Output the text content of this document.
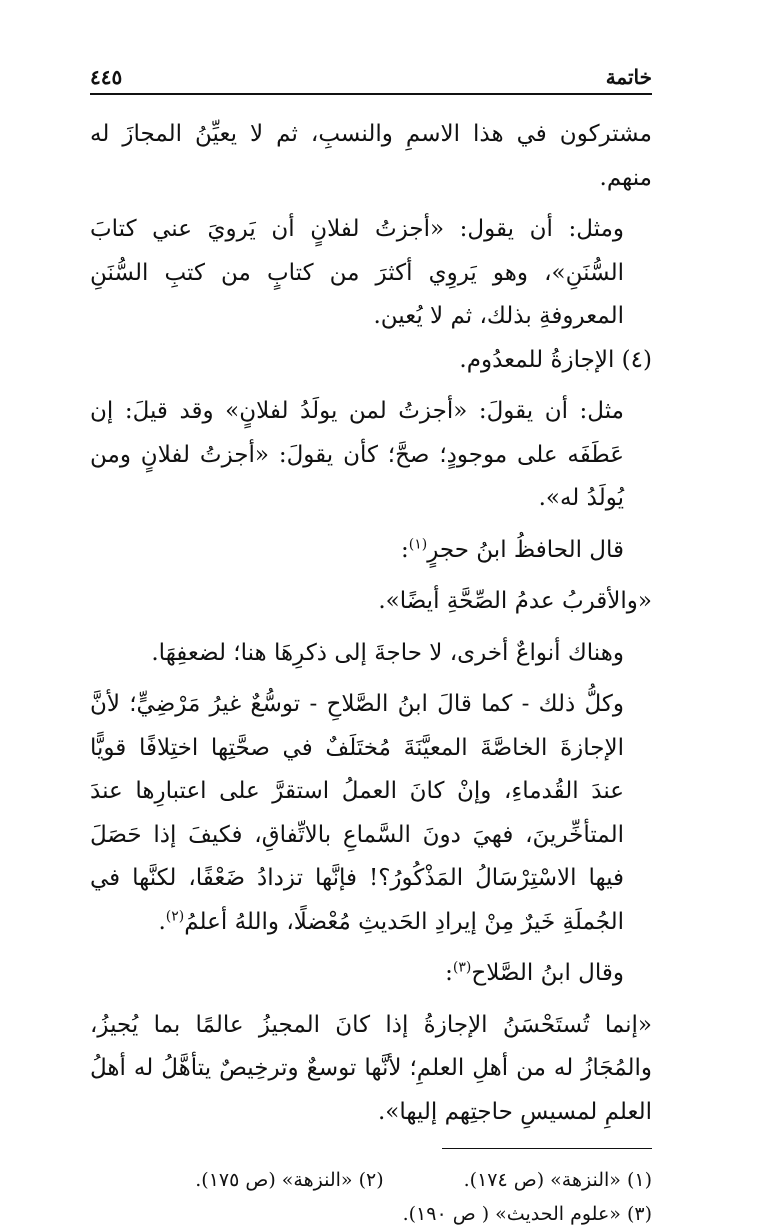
خاتمة
٤٤٥

مشتركون في هذا الاسمِ والنسبِ، ثم لا يعيِّنُ المجازَ له منهم.

ومثل: أن يقول: «أجزتُ لفلانٍ أن يَرويَ عني كتابَ السُّنَنِ»، وهو يَروِي أكثرَ من كتابٍ من كتبِ السُّنَنِ المعروفةِ بذلك، ثم لا يُعين.

(٤) الإجازةُ للمعدُوم.

مثل: أن يقولَ: «أجزتُ لمن يولَدُ لفلانٍ» وقد قيلَ: إن عَطَفَه على موجودٍ؛ صحَّ؛ كأن يقولَ: «أجزتُ لفلانٍ ومن يُولَدُ له».

قال الحافظُ ابنُ حجرٍ$^{(١)}$:

«والأقربُ عدمُ الصِّحَّةِ أيضًا».

وهناك أنواعٌ أخرى، لا حاجةَ إلى ذكرِهَا هنا؛ لضعفِهَا.

وكلُّ ذلك - كما قالَ ابنُ الصَّلاحِ - توسُّعٌ غيرُ مَرْضِيٍّ؛ لأنَّ الإجازةَ الخاصَّةَ المعيَّنَةَ مُختَلَفٌ في صحَّتِها اختِلافًا قويًّا عندَ القُدماءِ، وإنْ كانَ العملُ استقرَّ على اعتبارِها عندَ المتأخِّرينَ، فهيَ دونَ السَّماعِ بالاتِّفاقِ، فكيفَ إذا حَصَلَ فيها الاسْتِرْسَالُ المَذْكُورُ؟! فإنَّها تزدادُ ضَعْفًا، لكنَّها في الجُملَةِ خَيرٌ مِنْ إيرادِ الحَديثِ مُعْضلًا، واللهُ أعلمُ$^{(٢)}$.

وقال ابنُ الصَّلاح$^{(٣)}$:

«إنما تُستَحْسَنُ الإجازةُ إذا كانَ المجيزُ عالمًا بما يُجيزُ، والمُجَازُ له من أهلِ العلمِ؛ لأنَّها توسعٌ وترخِيصٌ يتأهَّلُ له أهلُ العلمِ لمسيسِ حاجتِهم إليها».

(١) «النزهة» (ص ١٧٤).
(٢) «النزهة» (ص ١٧٥).
(٣) «علوم الحديث» ( ص ١٩٠).
